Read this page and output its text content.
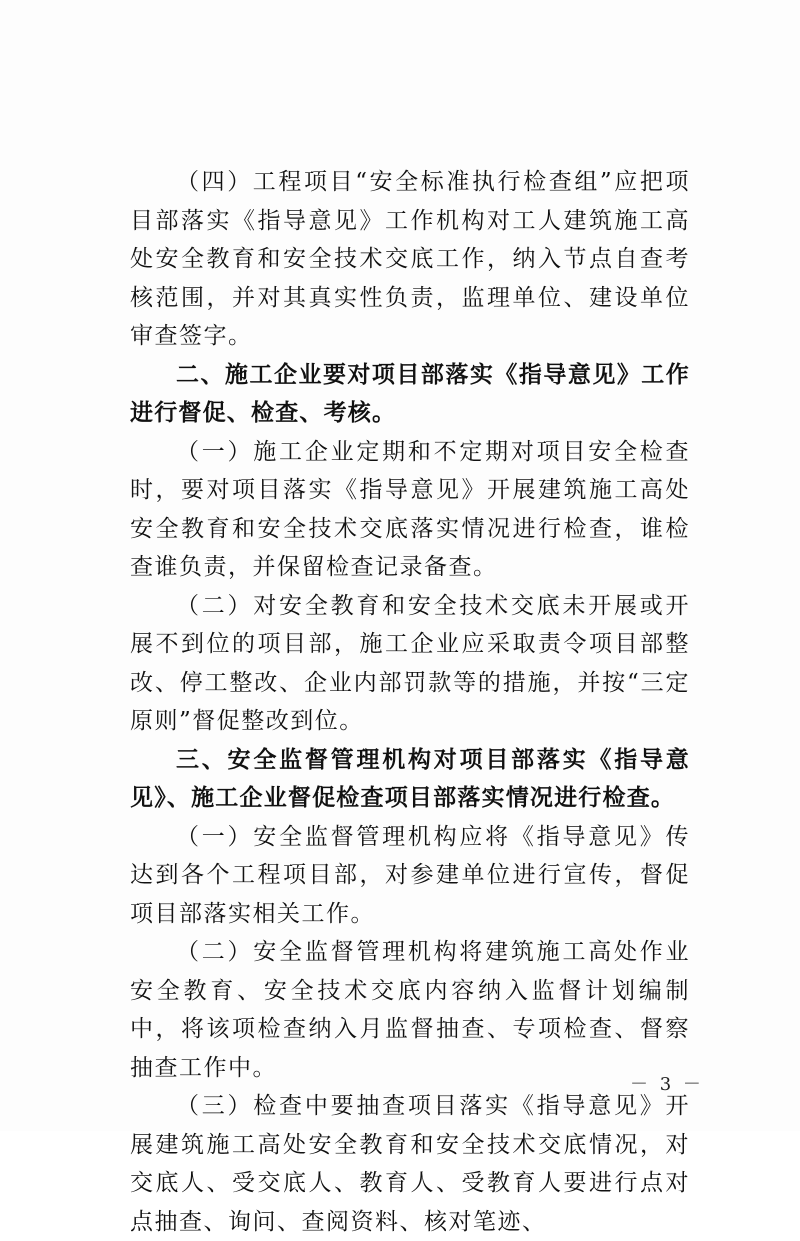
（四）工程项目“安全标准执行检查组”应把项目部落实《指导意见》工作机构对工人建筑施工高处安全教育和安全技术交底工作，纳入节点自查考核范围，并对其真实性负责，监理单位、建设单位审查签字。

二、施工企业要对项目部落实《指导意见》工作进行督促、检查、考核。

（一）施工企业定期和不定期对项目安全检查时，要对项目落实《指导意见》开展建筑施工高处安全教育和安全技术交底落实情况进行检查，谁检查谁负责，并保留检查记录备查。

（二）对安全教育和安全技术交底未开展或开展不到位的项目部，施工企业应采取责令项目部整改、停工整改、企业内部罚款等的措施，并按“三定原则”督促整改到位。

三、安全监督管理机构对项目部落实《指导意见》、施工企业督促检查项目部落实情况进行检查。

（一）安全监督管理机构应将《指导意见》传达到各个工程项目部，对参建单位进行宣传，督促项目部落实相关工作。

（二）安全监督管理机构将建筑施工高处作业安全教育、安全技术交底内容纳入监督计划编制中，将该项检查纳入月监督抽查、专项检查、督察抽查工作中。

（三）检查中要抽查项目落实《指导意见》开展建筑施工高处安全教育和安全技术交底情况，对交底人、受交底人、教育人、受教育人要进行点对点抽查、询问、查阅资料、核对笔迹、

－ 3 －
